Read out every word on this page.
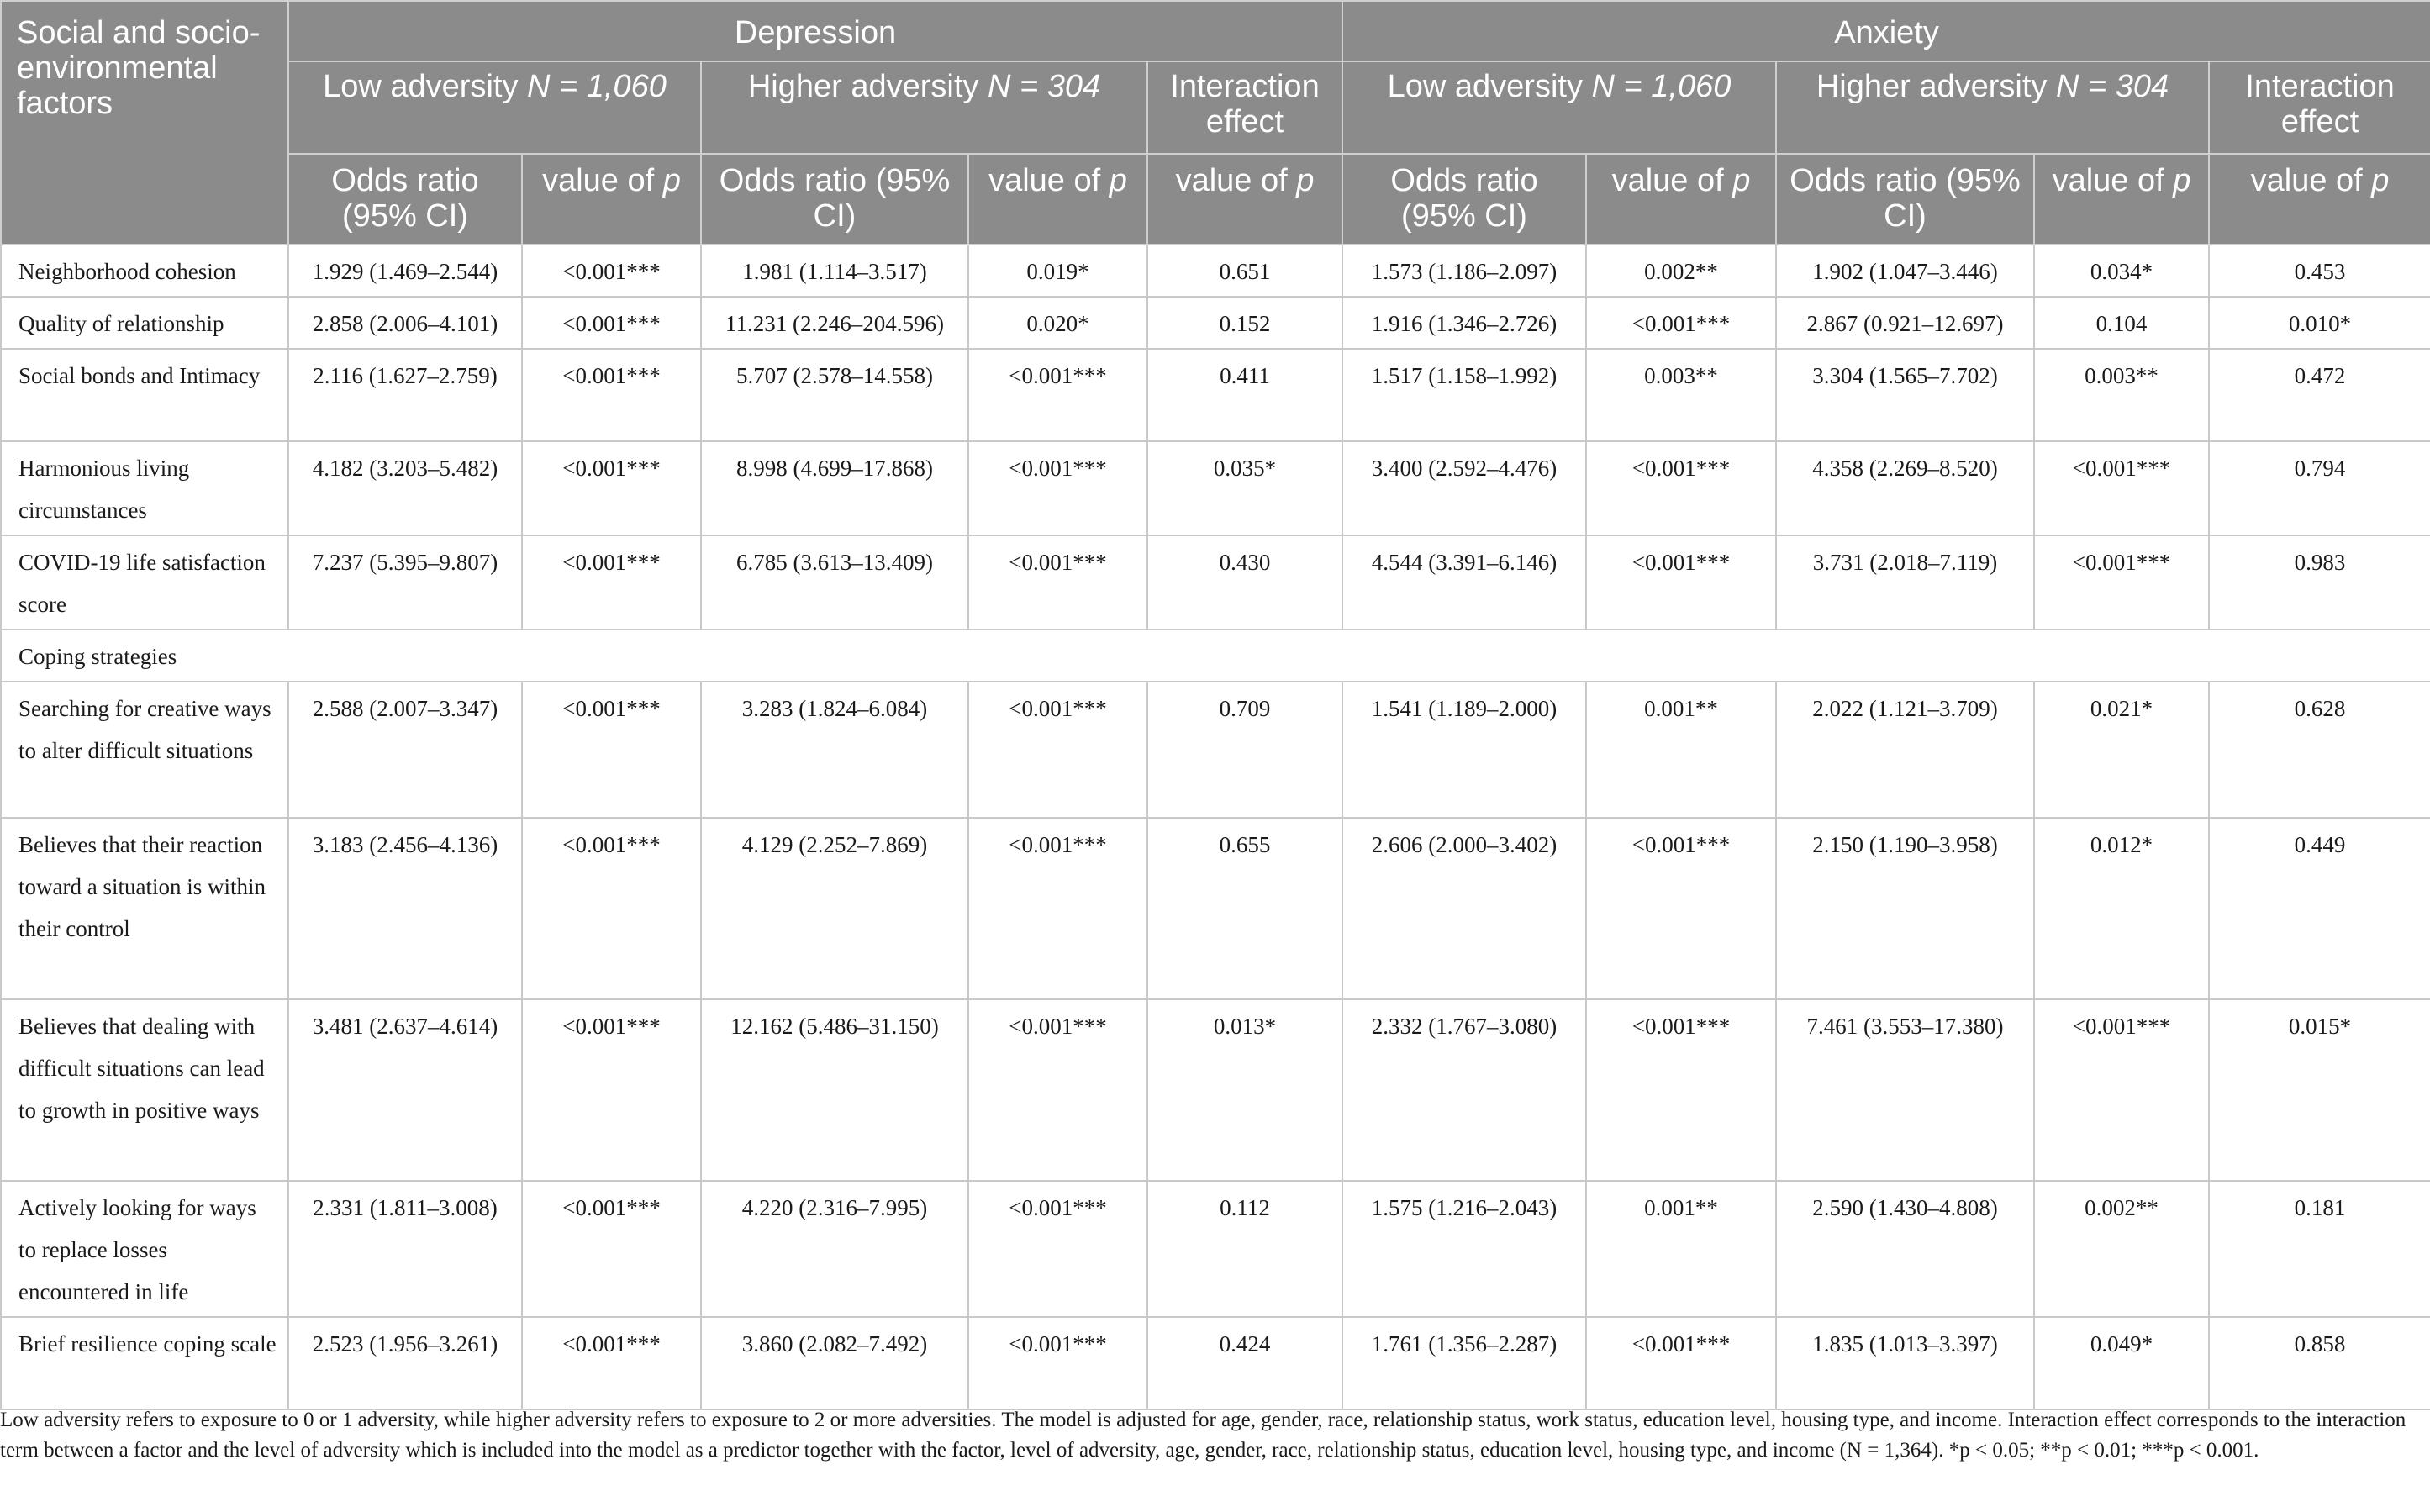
Social and socio-environmental factors	Depression					Anxiety				
	Low adversity N = 1,060		Higher adversity N = 304		Interaction effect	Low adversity N = 1,060		Higher adversity N = 304		Interaction effect
	Odds ratio (95% CI)	value of p	Odds ratio (95% CI)	value of p	value of p	Odds ratio (95% CI)	value of p	Odds ratio (95% CI)	value of p	value of p
Neighborhood cohesion	1.929 (1.469–2.544)	<0.001***	1.981 (1.114–3.517)	0.019*	0.651	1.573 (1.186–2.097)	0.002**	1.902 (1.047–3.446)	0.034*	0.453
Quality of relationship	2.858 (2.006–4.101)	<0.001***	11.231 (2.246–204.596)	0.020*	0.152	1.916 (1.346–2.726)	<0.001***	2.867 (0.921–12.697)	0.104	0.010*
Social bonds and Intimacy	2.116 (1.627–2.759)	<0.001***	5.707 (2.578–14.558)	<0.001***	0.411	1.517 (1.158–1.992)	0.003**	3.304 (1.565–7.702)	0.003**	0.472
Harmonious living circumstances	4.182 (3.203–5.482)	<0.001***	8.998 (4.699–17.868)	<0.001***	0.035*	3.400 (2.592–4.476)	<0.001***	4.358 (2.269–8.520)	<0.001***	0.794
COVID-19 life satisfaction score	7.237 (5.395–9.807)	<0.001***	6.785 (3.613–13.409)	<0.001***	0.430	4.544 (3.391–6.146)	<0.001***	3.731 (2.018–7.119)	<0.001***	0.983
Coping strategies										
Searching for creative ways to alter difficult situations	2.588 (2.007–3.347)	<0.001***	3.283 (1.824–6.084)	<0.001***	0.709	1.541 (1.189–2.000)	0.001**	2.022 (1.121–3.709)	0.021*	0.628
Believes that their reaction toward a situation is within their control	3.183 (2.456–4.136)	<0.001***	4.129 (2.252–7.869)	<0.001***	0.655	2.606 (2.000–3.402)	<0.001***	2.150 (1.190–3.958)	0.012*	0.449
Believes that dealing with difficult situations can lead to growth in positive ways	3.481 (2.637–4.614)	<0.001***	12.162 (5.486–31.150)	<0.001***	0.013*	2.332 (1.767–3.080)	<0.001***	7.461 (3.553–17.380)	<0.001***	0.015*
Actively looking for ways to replace losses encountered in life	2.331 (1.811–3.008)	<0.001***	4.220 (2.316–7.995)	<0.001***	0.112	1.575 (1.216–2.043)	0.001**	2.590 (1.430–4.808)	0.002**	0.181
Brief resilience coping scale	2.523 (1.956–3.261)	<0.001***	3.860 (2.082–7.492)	<0.001***	0.424	1.761 (1.356–2.287)	<0.001***	1.835 (1.013–3.397)	0.049*	0.858

Low adversity refers to exposure to 0 or 1 adversity, while higher adversity refers to exposure to 2 or more adversities. The model is adjusted for age, gender, race, relationship status, work status, education level, housing type, and income. Interaction effect corresponds to the interaction term between a factor and the level of adversity which is included into the model as a predictor together with the factor, level of adversity, age, gender, race, relationship status, education level, housing type, and income (N = 1,364). *p < 0.05; **p < 0.01; ***p < 0.001.
